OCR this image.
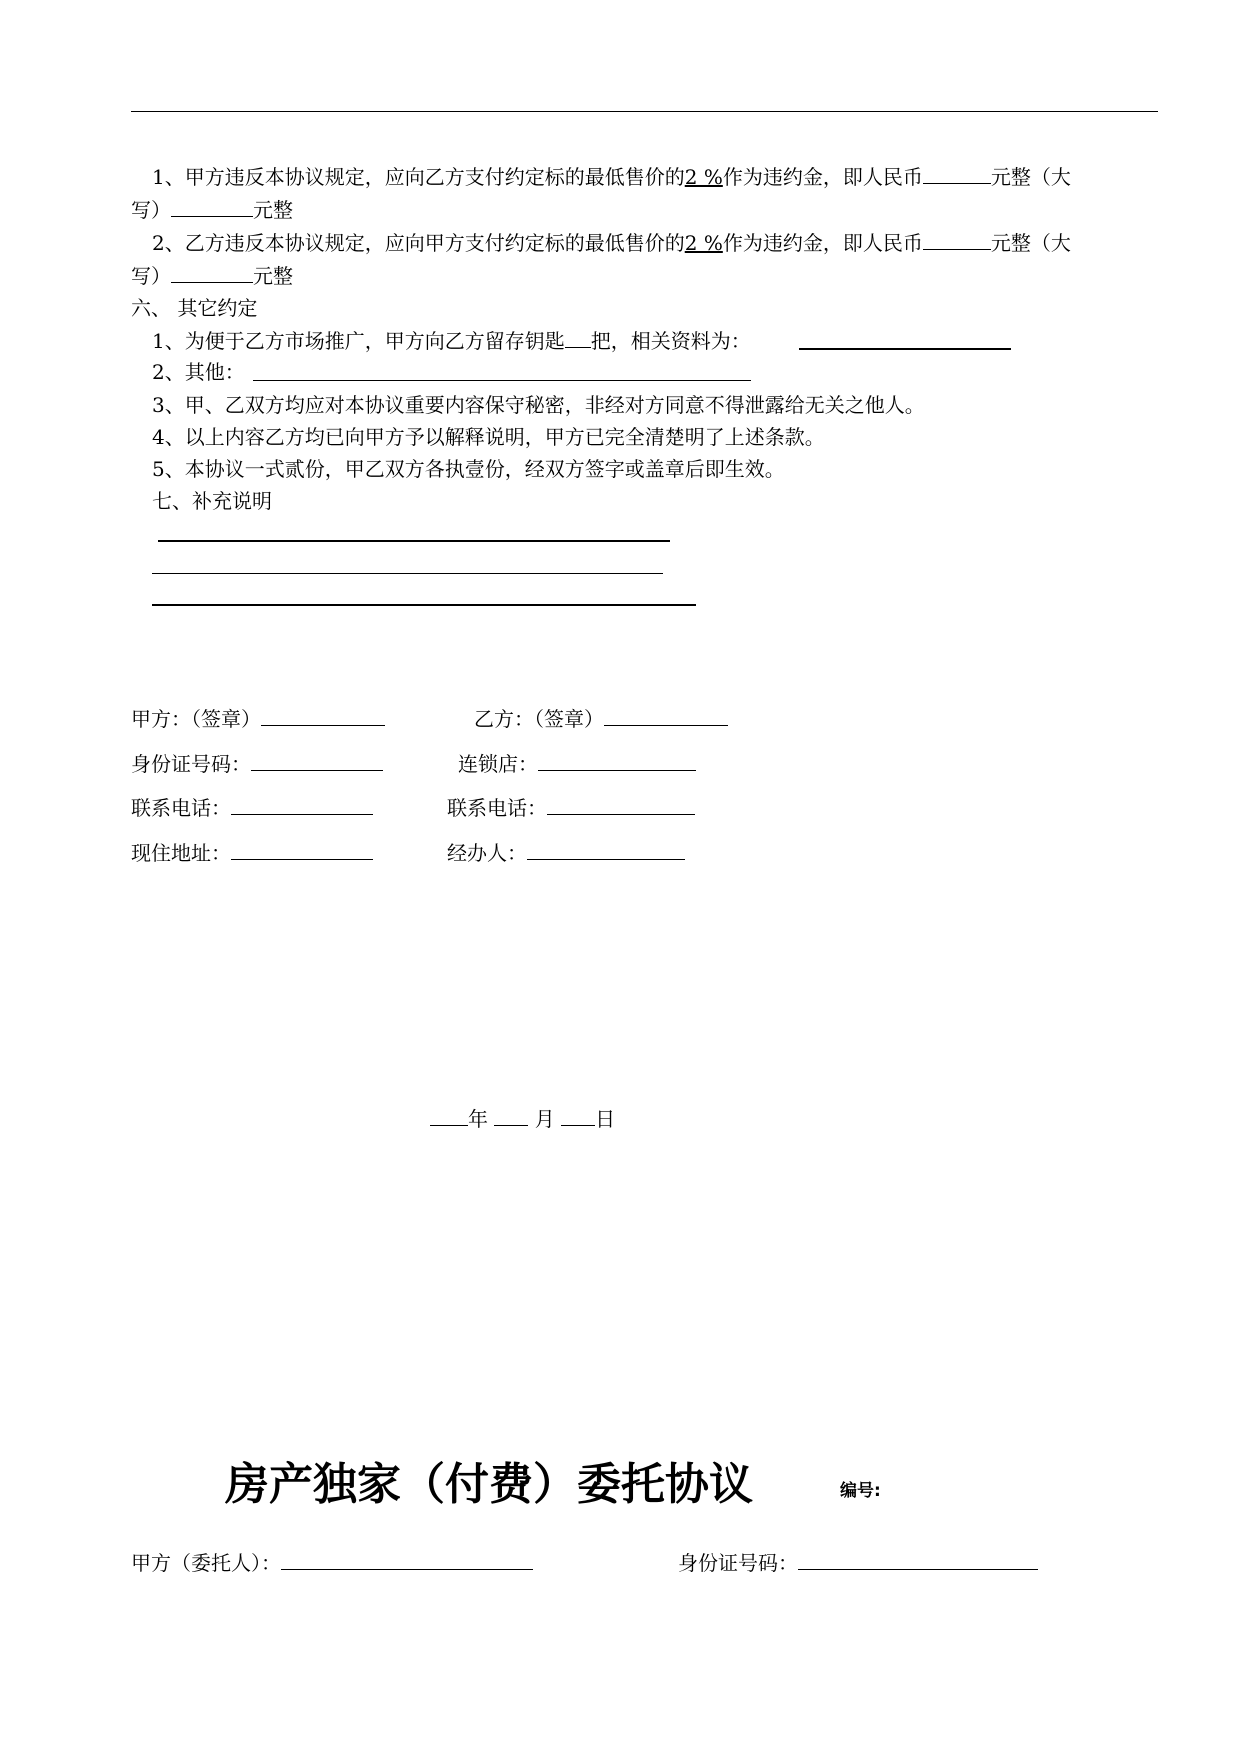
1、甲方违反本协议规定，应向乙方支付约定标的最低售价的2 %作为违约金，即人民币	元整（大
写）	元整
2、乙方违反本协议规定，应向甲方支付约定标的最低售价的2 %作为违约金，即人民币	元整（大
写）	元整
六、 其它约定
1、为便于乙方市场推广，甲方向乙方留存钥匙 把，相关资料为：
2、其他：
3、甲、乙双方均应对本协议重要内容保守秘密，非经对方同意不得泄露给无关之他人。
4、以上内容乙方均已向甲方予以解释说明，甲方已完全清楚明了上述条款。
5、本协议一式贰份，甲乙双方各执壹份，经双方签字或盖章后即生效。
七、补充说明
甲方：（签章）	乙方：（签章）
身份证号码：	连锁店：
联系电话：	联系电话：
现住地址：	经办人：
年 月 日
房产独家（付费）委托协议	编号:
甲方（委托人）：	身份证号码：
